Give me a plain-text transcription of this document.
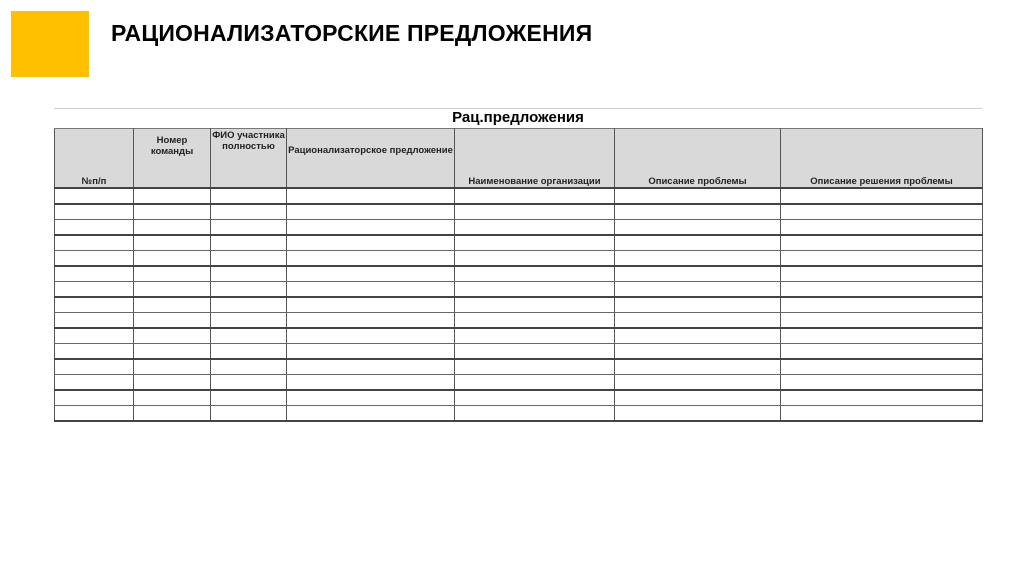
РАЦИОНАЛИЗАТОРСКИЕ ПРЕДЛОЖЕНИЯ
Рац.предложения
№п/п	Номер команды	ФИО участника полностью	Рационализаторское предложение	Наименование организации	Описание проблемы	Описание решения проблемы
